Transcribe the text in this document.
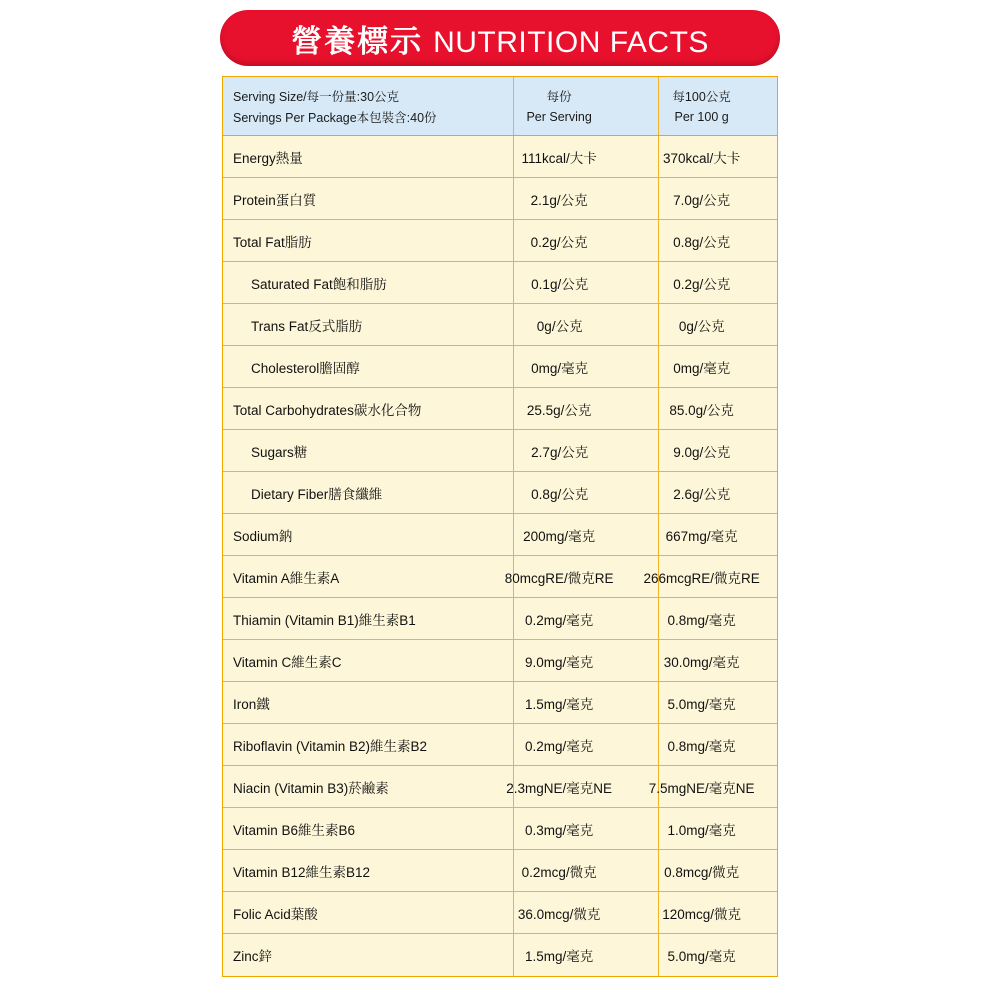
營養標示 NUTRITION FACTS
Serving Size/每一份量:30公克	每份	每100公克
Servings Per Package本包裝含:40份	Per Serving	Per 100 g
Energy熱量	111kcal/大卡	370kcal/大卡
Protein蛋白質	2.1g/公克	7.0g/公克
Total Fat脂肪	0.2g/公克	0.8g/公克
Saturated Fat飽和脂肪	0.1g/公克	0.2g/公克
Trans Fat反式脂肪	0g/公克	0g/公克
Cholesterol膽固醇	0mg/毫克	0mg/毫克
Total Carbohydrates碳水化合物	25.5g/公克	85.0g/公克
Sugars糖	2.7g/公克	9.0g/公克
Dietary Fiber膳食纖維	0.8g/公克	2.6g/公克
Sodium鈉	200mg/毫克	667mg/毫克
Vitamin A維生素A	80mcgRE/微克RE	266mcgRE/微克RE
Thiamin (Vitamin B1)維生素B1	0.2mg/毫克	0.8mg/毫克
Vitamin C維生素C	9.0mg/毫克	30.0mg/毫克
Iron鐵	1.5mg/毫克	5.0mg/毫克
Riboflavin (Vitamin B2)維生素B2	0.2mg/毫克	0.8mg/毫克
Niacin (Vitamin B3)菸鹼素	2.3mgNE/毫克NE	7.5mgNE/毫克NE
Vitamin B6維生素B6	0.3mg/毫克	1.0mg/毫克
Vitamin B12維生素B12	0.2mcg/微克	0.8mcg/微克
Folic Acid葉酸	36.0mcg/微克	120mcg/微克
Zinc鋅	1.5mg/毫克	5.0mg/毫克
